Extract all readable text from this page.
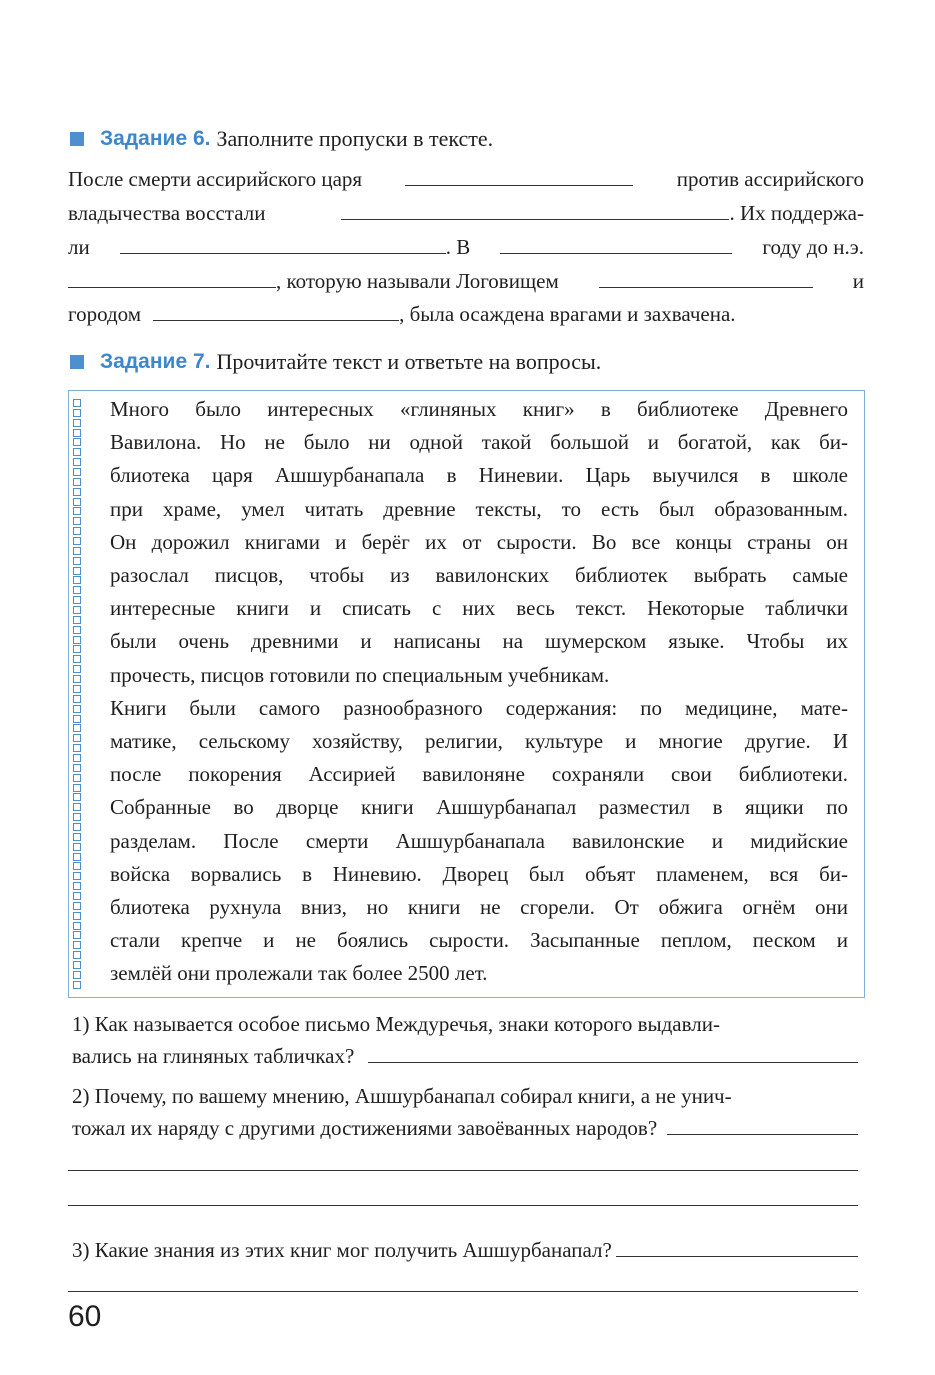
Задание 6. Заполните пропуски в тексте.
После смерти ассирийского царя	против ассирийского
владычества восстали	. Их поддержа-
ли	. В	году до н.э.
, которую называли Логовищем	и
городом	, была осаждена врагами и захвачена.
Задание 7. Прочитайте текст и ответьте на вопросы.
Много было интересных «глиняных книг» в библиотеке Древнего
Вавилона. Но не было ни одной такой большой и богатой, как би-
блиотека царя Ашшурбанапала в Ниневии. Царь выучился в школе
при храме, умел читать древние тексты, то есть был образованным.
Он дорожил книгами и берёг их от сырости. Во все концы страны он
разослал писцов, чтобы из вавилонских библиотек выбрать самые
интересные книги и списать с них весь текст. Некоторые таблички
были очень древними и написаны на шумерском языке. Чтобы их
прочесть, писцов готовили по специальным учебникам.
Книги были самого разнообразного содержания: по медицине, мате-
матике, сельскому хозяйству, религии, культуре и многие другие. И
после покорения Ассирией вавилоняне сохраняли свои библиотеки.
Собранные во дворце книги Ашшурбанапал разместил в ящики по
разделам. После смерти Ашшурбанапала вавилонские и мидийские
войска ворвались в Ниневию. Дворец был объят пламенем, вся би-
блиотека рухнула вниз, но книги не сгорели. От обжига огнём они
стали крепче и не боялись сырости. Засыпанные пеплом, песком и
землёй они пролежали так более 2500 лет.
1) Как называется особое письмо Междуречья, знаки которого выдавли-
вались на глиняных табличках?
2) Почему, по вашему мнению, Ашшурбанапал собирал книги, а не унич-
тожал их наряду с другими достижениями завоёванных народов?
3) Какие знания из этих книг мог получить Ашшурбанапал?
60
